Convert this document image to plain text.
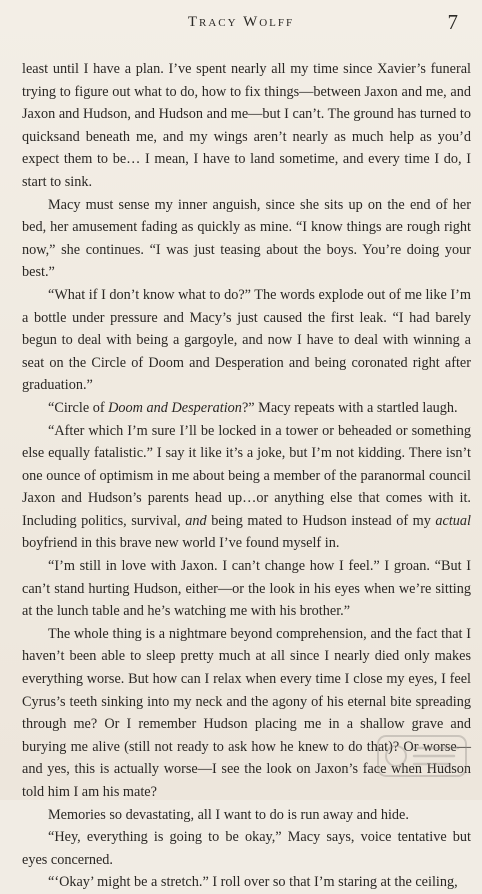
Tracy Wolff	7

least until I have a plan. I’ve spent nearly all my time since Xavier’s funeral trying to figure out what to do, how to fix things—between Jaxon and me, and Jaxon and Hudson, and Hudson and me—but I can’t. The ground has turned to quicksand beneath me, and my wings aren’t nearly as much help as you’d expect them to be… I mean, I have to land sometime, and every time I do, I start to sink.

Macy must sense my inner anguish, since she sits up on the end of her bed, her amusement fading as quickly as mine. “I know things are rough right now,” she continues. “I was just teasing about the boys. You’re doing your best.”

“What if I don’t know what to do?” The words explode out of me like I’m a bottle under pressure and Macy’s just caused the first leak. “I had barely begun to deal with being a gargoyle, and now I have to deal with winning a seat on the Circle of Doom and Desperation and being coronated right after graduation.”

“Circle of Doom and Desperation?” Macy repeats with a startled laugh.

“After which I’m sure I’ll be locked in a tower or beheaded or something else equally fatalistic.” I say it like it’s a joke, but I’m not kidding. There isn’t one ounce of optimism in me about being a member of the paranormal council Jaxon and Hudson’s parents head up…or anything else that comes with it. Including politics, survival, and being mated to Hudson instead of my actual boyfriend in this brave new world I’ve found myself in.

“I’m still in love with Jaxon. I can’t change how I feel.” I groan. “But I can’t stand hurting Hudson, either—or the look in his eyes when we’re sitting at the lunch table and he’s watching me with his brother.”

The whole thing is a nightmare beyond comprehension, and the fact that I haven’t been able to sleep pretty much at all since I nearly died only makes everything worse. But how can I relax when every time I close my eyes, I feel Cyrus’s teeth sinking into my neck and the agony of his eternal bite spreading through me? Or I remember Hudson placing me in a shallow grave and burying me alive (still not ready to ask how he knew to do that)? Or worse—and yes, this is actually worse—I see the look on Jaxon’s face when Hudson told him I am his mate?

Memories so devastating, all I want to do is run away and hide.

“Hey, everything is going to be okay,” Macy says, voice tentative but eyes concerned.

“‘Okay’ might be a stretch.” I roll over so that I’m staring at the ceiling,
